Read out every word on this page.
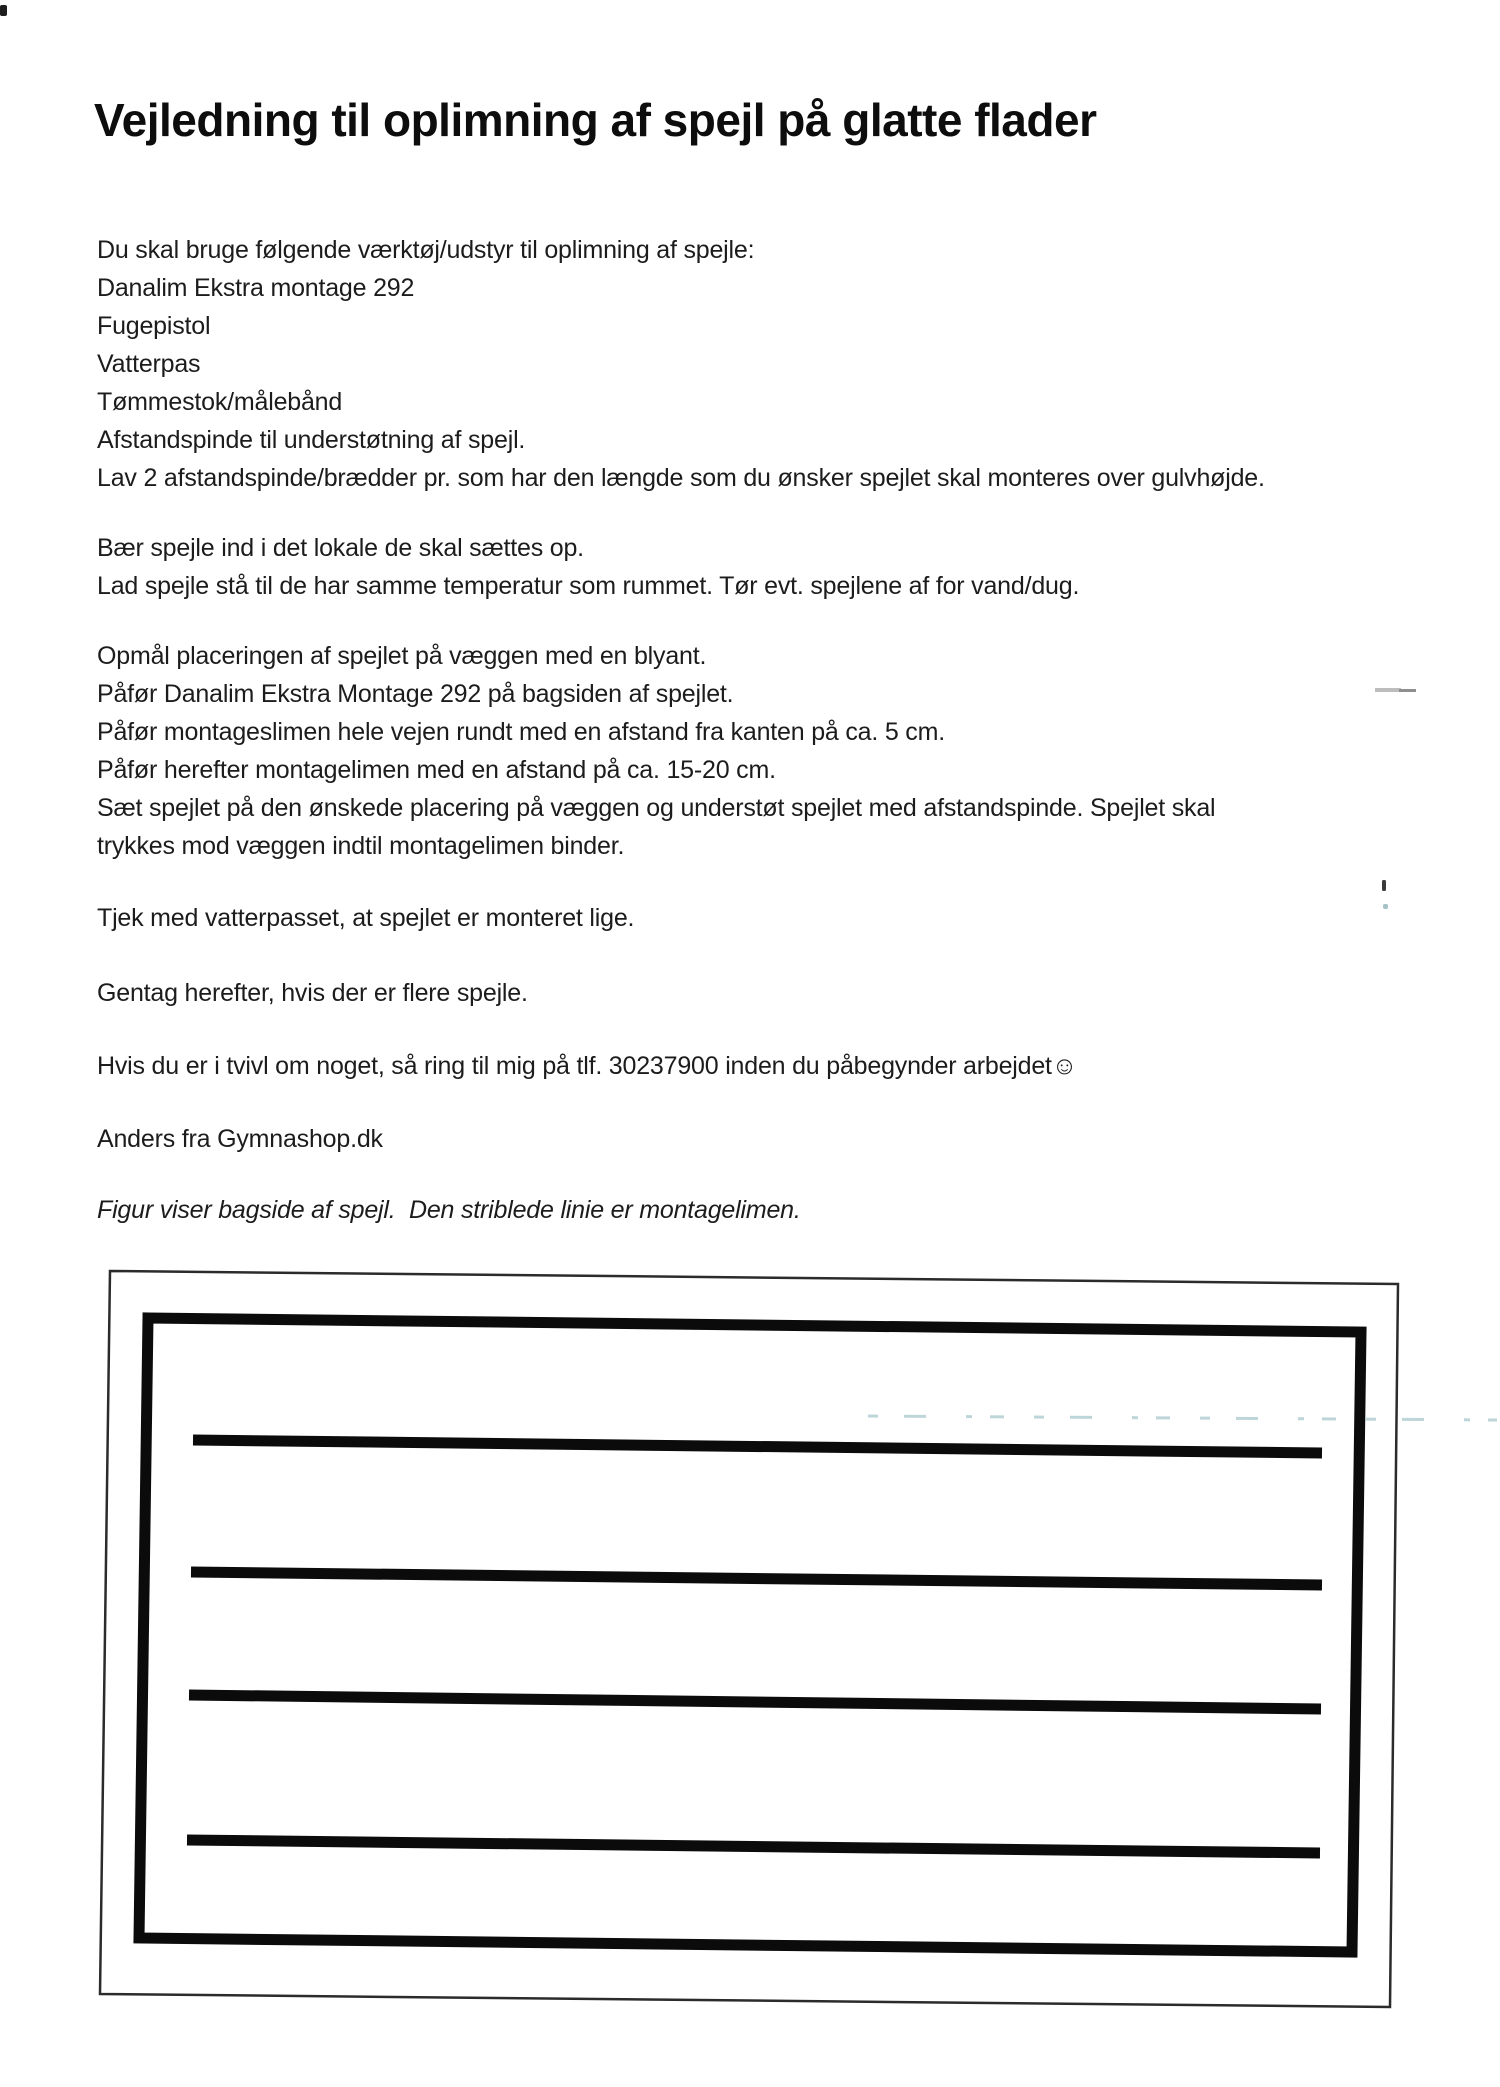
Vejledning til oplimning af spejl på glatte flader
Du skal bruge følgende værktøj/udstyr til oplimning af spejle:
Danalim Ekstra montage 292
Fugepistol
Vatterpas
Tømmestok/målebånd
Afstandspinde til understøtning af spejl.
Lav 2 afstandspinde/brædder pr. som har den længde som du ønsker spejlet skal monteres over gulvhøjde.
Bær spejle ind i det lokale de skal sættes op.
Lad spejle stå til de har samme temperatur som rummet. Tør evt. spejlene af for vand/dug.
Opmål placeringen af spejlet på væggen med en blyant.
Påfør Danalim Ekstra Montage 292 på bagsiden af spejlet.
Påfør montageslimen hele vejen rundt med en afstand fra kanten på ca. 5 cm.
Påfør herefter montagelimen med en afstand på ca. 15-20 cm.
Sæt spejlet på den ønskede placering på væggen og understøt spejlet med afstandspinde. Spejlet skal
trykkes mod væggen indtil montagelimen binder.
Tjek med vatterpasset, at spejlet er monteret lige.
Gentag herefter, hvis der er flere spejle.
Hvis du er i tvivl om noget, så ring til mig på tlf. 30237900 inden du påbegynder arbejdet☺
Anders fra Gymnashop.dk
Figur viser bagside af spejl.  Den striblede linie er montagelimen.
